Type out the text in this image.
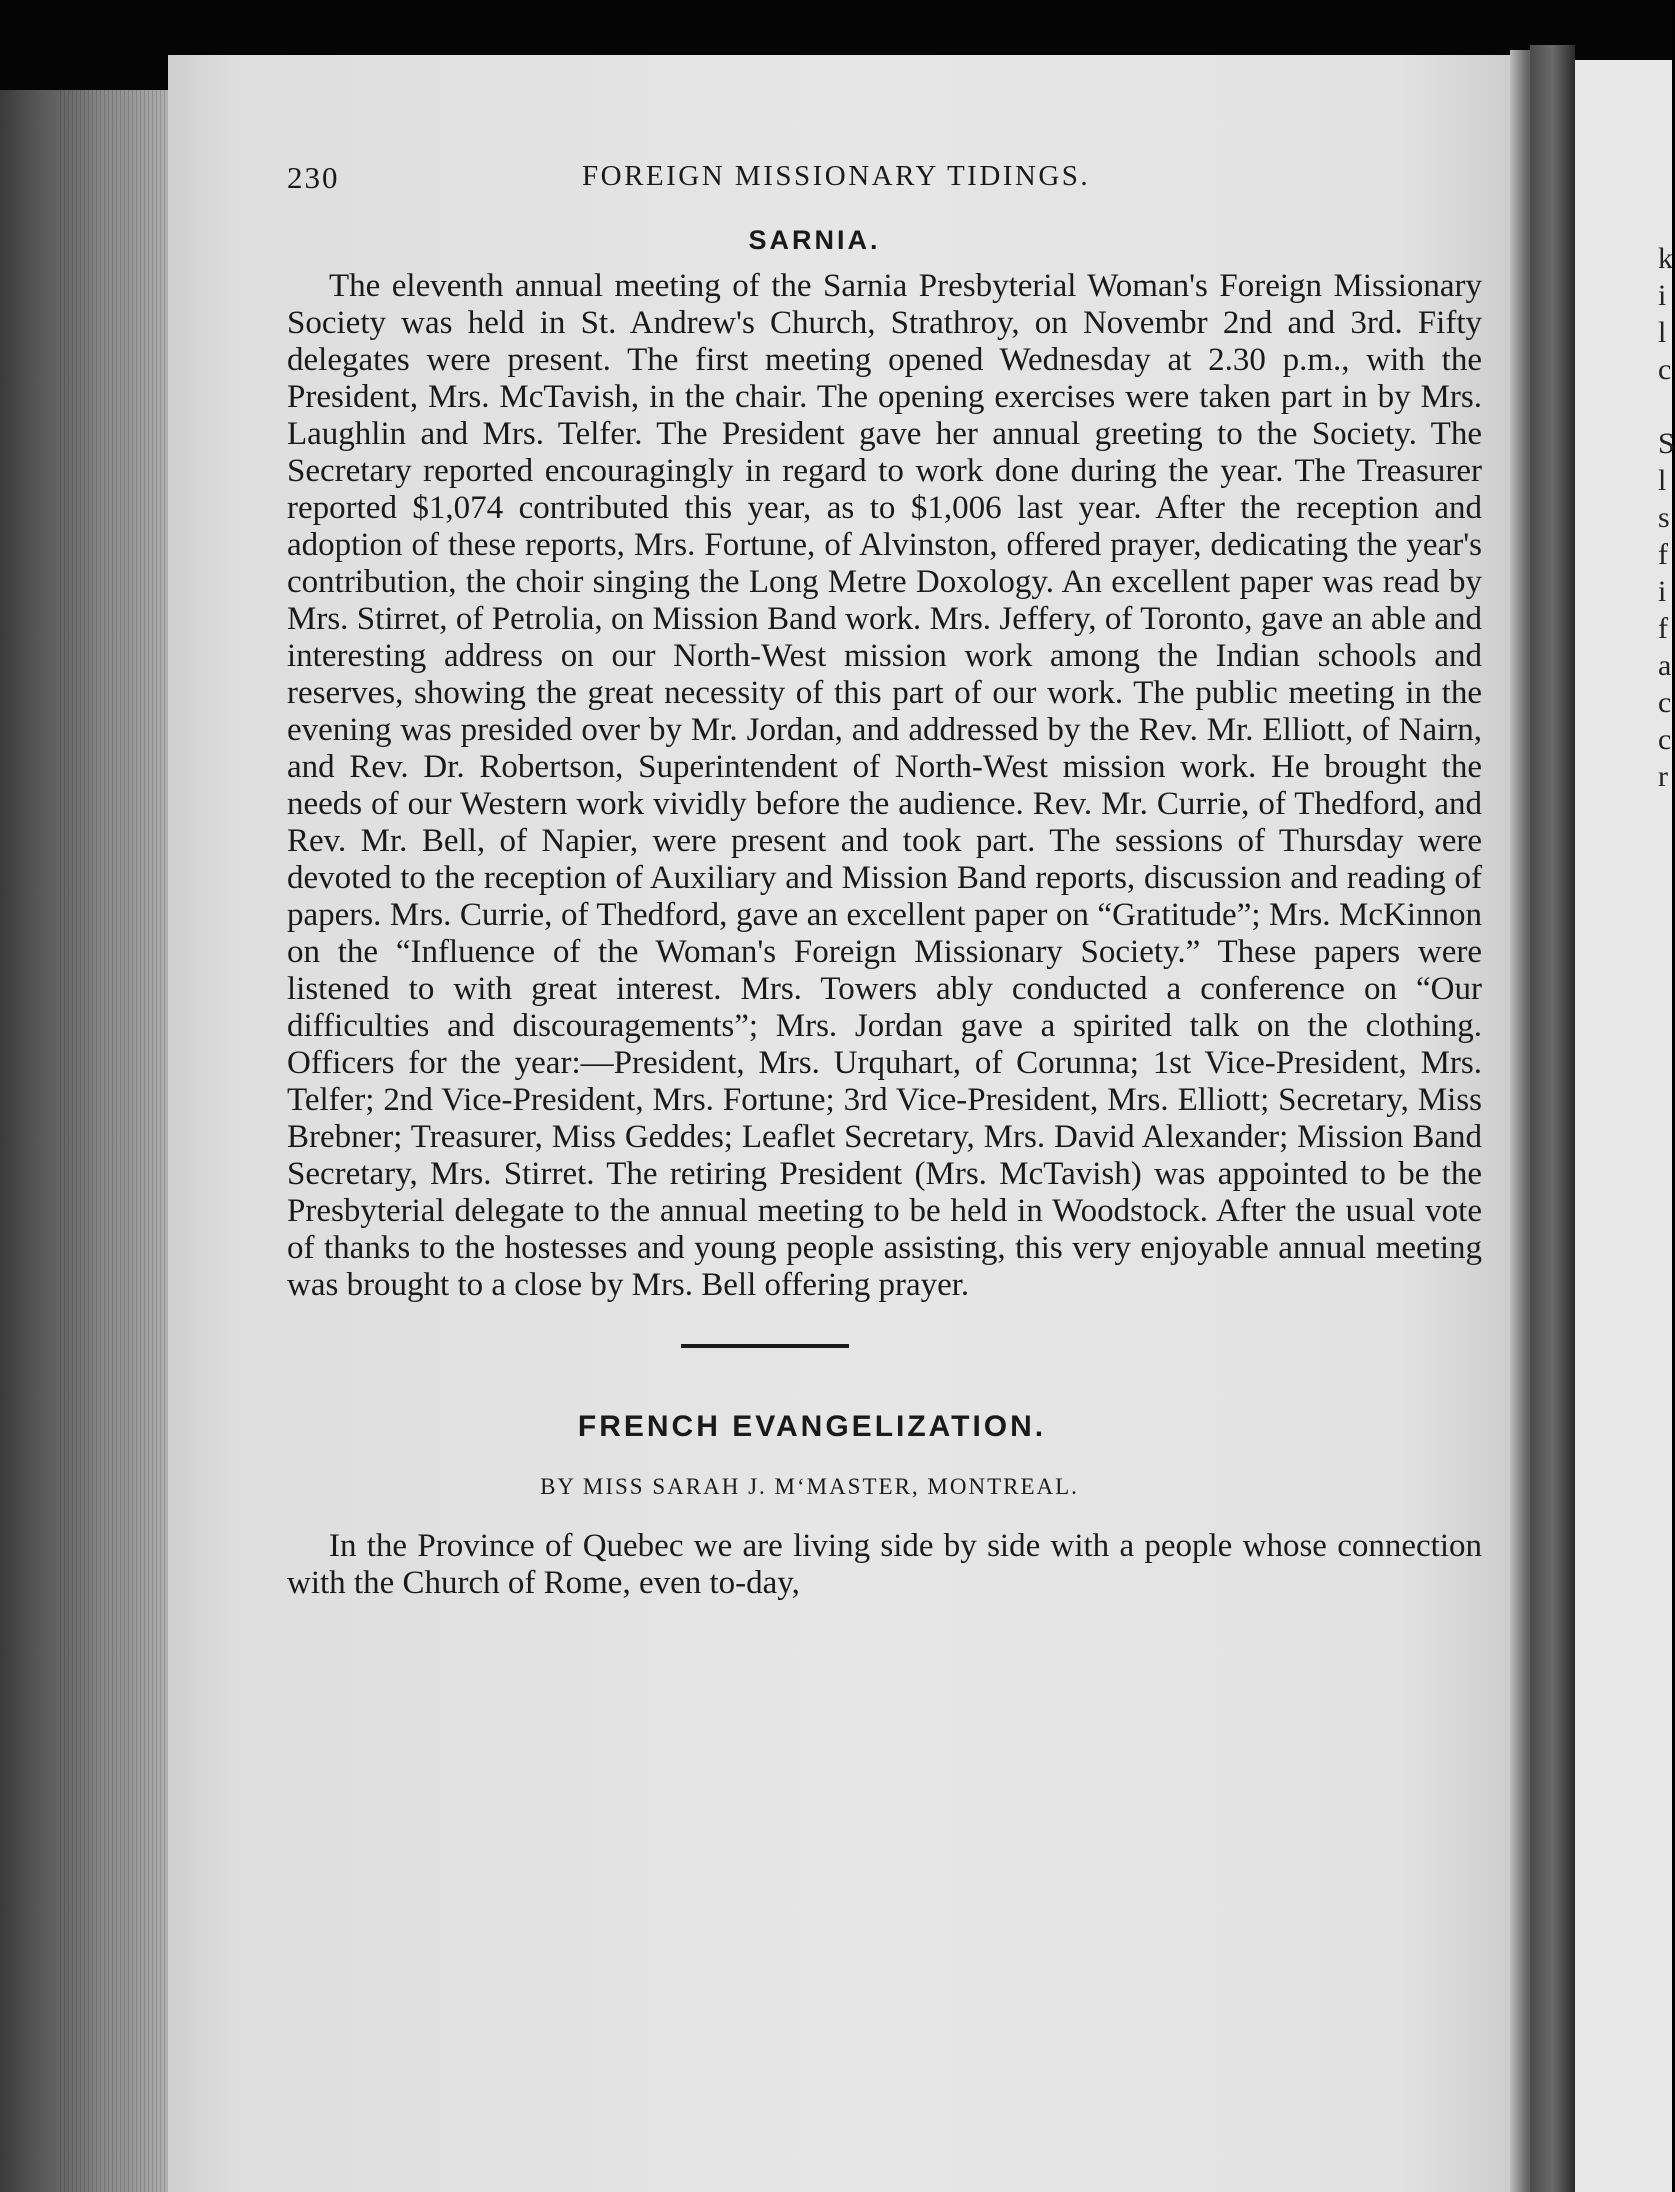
k
i
l
c

S
l
s
f
i
f
a
c
c
r
230	FOREIGN MISSIONARY TIDINGS.
SARNIA.

The eleventh annual meeting of the Sarnia Presbyterial Woman's Foreign Missionary Society was held in St. Andrew's Church, Strathroy, on Novembr 2nd and 3rd. Fifty delegates were present. The first meeting opened Wednesday at 2.30 p.m., with the President, Mrs. McTavish, in the chair. The opening exercises were taken part in by Mrs. Laughlin and Mrs. Telfer. The President gave her annual greeting to the Society. The Secretary reported encouragingly in regard to work done during the year. The Treasurer reported $1,074 contributed this year, as to $1,006 last year. After the reception and adoption of these reports, Mrs. Fortune, of Alvinston, offered prayer, dedicating the year's contribution, the choir singing the Long Metre Doxology. An excellent paper was read by Mrs. Stirret, of Petrolia, on Mission Band work. Mrs. Jeffery, of Toronto, gave an able and interesting address on our North-West mission work among the Indian schools and reserves, showing the great necessity of this part of our work. The public meeting in the evening was presided over by Mr. Jordan, and addressed by the Rev. Mr. Elliott, of Nairn, and Rev. Dr. Robertson, Superintendent of North-West mission work. He brought the needs of our Western work vividly before the audience. Rev. Mr. Currie, of Thedford, and Rev. Mr. Bell, of Napier, were present and took part. The sessions of Thursday were devoted to the reception of Auxiliary and Mission Band reports, discussion and reading of papers. Mrs. Currie, of Thedford, gave an excellent paper on “Gratitude”; Mrs. McKinnon on the “Influence of the Woman's Foreign Missionary Society.” These papers were listened to with great interest. Mrs. Towers ably conducted a conference on “Our difficulties and discouragements”; Mrs. Jordan gave a spirited talk on the clothing. Officers for the year:—President, Mrs. Urquhart, of Corunna; 1st Vice-President, Mrs. Telfer; 2nd Vice-President, Mrs. Fortune; 3rd Vice-President, Mrs. Elliott; Secretary, Miss Brebner; Treasurer, Miss Geddes; Leaflet Secretary, Mrs. David Alexander; Mission Band Secretary, Mrs. Stirret. The retiring President (Mrs. McTavish) was appointed to be the Presbyterial delegate to the annual meeting to be held in Woodstock. After the usual vote of thanks to the hostesses and young people assisting, this very enjoyable annual meeting was brought to a close by Mrs. Bell offering prayer.

FRENCH EVANGELIZATION.
BY MISS SARAH J. M‘MASTER, MONTREAL.

In the Province of Quebec we are living side by side with a people whose connection with the Church of Rome, even to-day,
